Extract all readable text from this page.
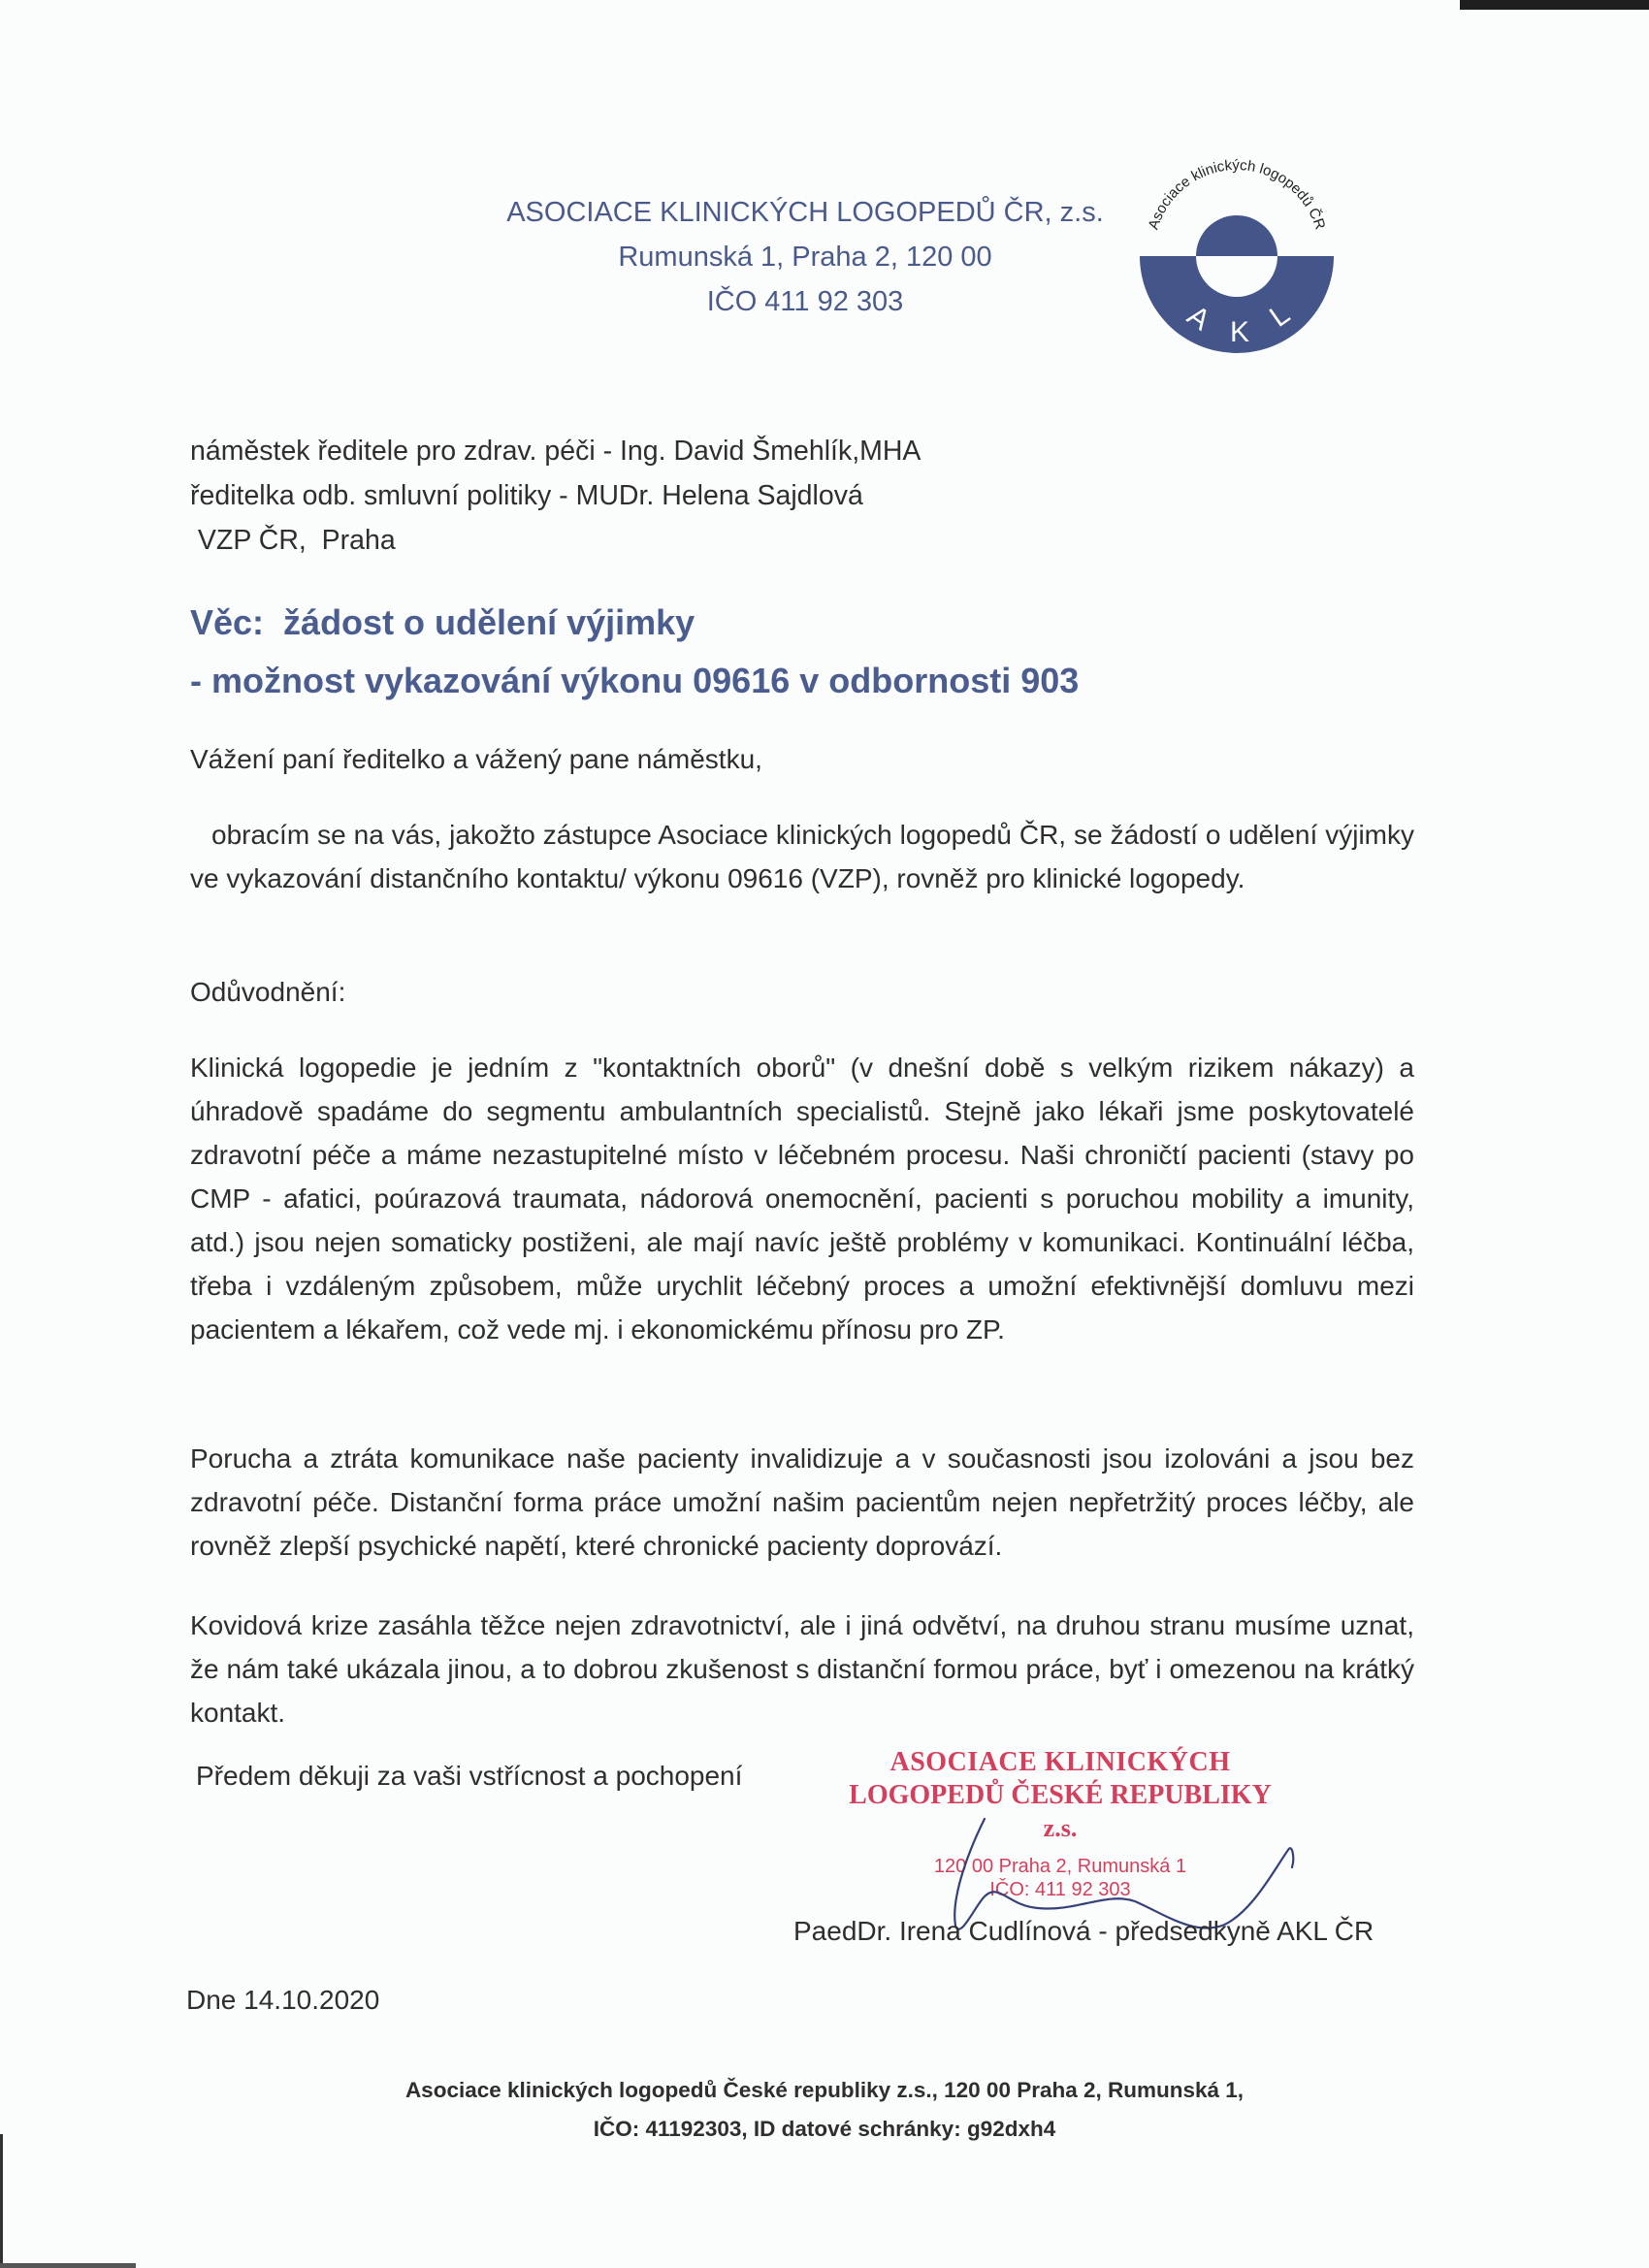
ASOCIACE KLINICKÝCH LOGOPEDŮ ČR, z.s.
Rumunská 1, Praha 2, 120 00
IČO 411 92 303
Asociace klinických logopedů ČR
A K L
náměstek ředitele pro zdrav. péči - Ing. David Šmehlík,MHA
ředitelka odb. smluvní politiky - MUDr. Helena Sajdlová
VZP ČR,  Praha
Věc:  žádost o udělení výjimky
- možnost vykazování výkonu 09616 v odbornosti 903
Vážení paní ředitelko a vážený pane náměstku,
obracím se na vás, jakožto zástupce Asociace klinických logopedů ČR, se žádostí o udělení výjimky ve vykazování distančního kontaktu/ výkonu 09616 (VZP), rovněž pro klinické logopedy.
Odůvodnění:
Klinická logopedie je jedním z "kontaktních oborů" (v dnešní době s velkým rizikem nákazy) a úhradově spadáme do segmentu ambulantních specialistů. Stejně jako lékaři jsme poskytovatelé zdravotní péče a máme nezastupitelné místo v léčebném procesu. Naši chroničtí pacienti (stavy po CMP - afatici, poúrazová traumata, nádorová onemocnění, pacienti s poruchou mobility a imunity, atd.) jsou nejen somaticky postiženi, ale mají navíc ještě problémy v komunikaci. Kontinuální léčba, třeba i vzdáleným způsobem, může urychlit léčebný proces a umožní efektivnější domluvu mezi pacientem a lékařem, což vede mj. i ekonomickému přínosu pro ZP.
Porucha a ztráta komunikace naše pacienty invalidizuje a v současnosti jsou izolováni a jsou bez zdravotní péče. Distanční forma práce umožní našim pacientům nejen nepřetržitý proces léčby, ale rovněž zlepší psychické napětí, které chronické pacienty doprovází.
Kovidová krize zasáhla těžce nejen zdravotnictví, ale i jiná odvětví, na druhou stranu musíme uznat, že nám také ukázala jinou, a to dobrou zkušenost s distanční formou práce, byť i omezenou na krátký kontakt.
Předem děkuji za vaši vstřícnost a pochopení	ASOCIACE KLINICKÝCH
LOGOPEDŮ ČESKÉ REPUBLIKY z.s.
120 00 Praha 2, Rumunská 1
IČO: 411 92 303
PaedDr. Irena Cudlínová - předsedkyně AKL ČR
Dne 14.10.2020
Asociace klinických logopedů České republiky z.s., 120 00 Praha 2, Rumunská 1,
IČO: 41192303, ID datové schránky: g92dxh4
